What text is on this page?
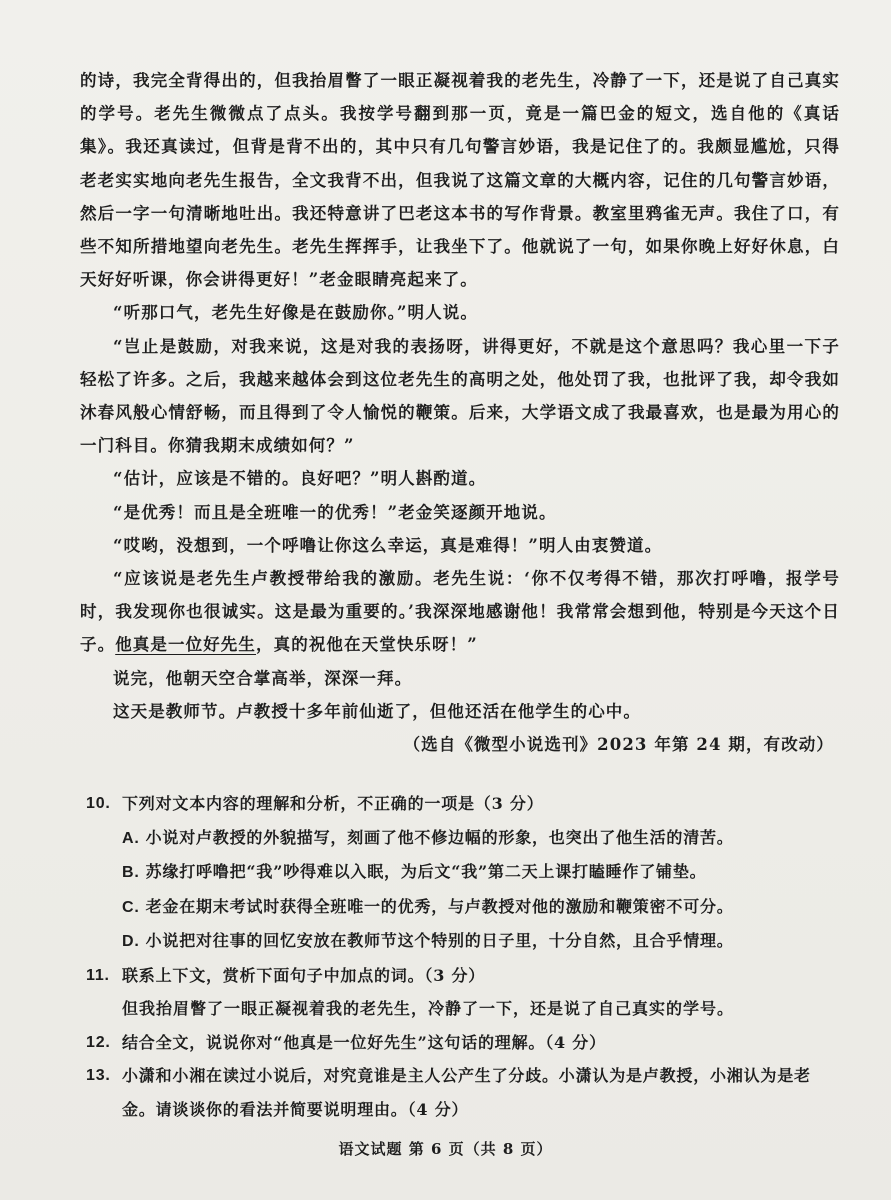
的诗，我完全背得出的，但我抬眉瞥了一眼正凝视着我的老先生，冷静了一下，还是说了自己真实的学号。老先生微微点了点头。我按学号翻到那一页，竟是一篇巴金的短文，选自他的《真话集》。我还真读过，但背是背不出的，其中只有几句警言妙语，我是记住了的。我颇显尴尬，只得老老实实地向老先生报告，全文我背不出，但我说了这篇文章的大概内容，记住的几句警言妙语，然后一字一句清晰地吐出。我还特意讲了巴老这本书的写作背景。教室里鸦雀无声。我住了口，有些不知所措地望向老先生。老先生挥挥手，让我坐下了。他就说了一句，如果你晚上好好休息，白天好好听课，你会讲得更好！”老金眼睛亮起来了。

“听那口气，老先生好像是在鼓励你。”明人说。

“岂止是鼓励，对我来说，这是对我的表扬呀，讲得更好，不就是这个意思吗？我心里一下子轻松了许多。之后，我越来越体会到这位老先生的高明之处，他处罚了我，也批评了我，却令我如沐春风般心情舒畅，而且得到了令人愉悦的鞭策。后来，大学语文成了我最喜欢，也是最为用心的一门科目。你猜我期末成绩如何？”

“估计，应该是不错的。良好吧？”明人斟酌道。

“是优秀！而且是全班唯一的优秀！”老金笑逐颜开地说。

“哎哟，没想到，一个呼噜让你这么幸运，真是难得！”明人由衷赞道。

“应该说是老先生卢教授带给我的激励。老先生说：‘你不仅考得不错，那次打呼噜，报学号时，我发现你也很诚实。这是最为重要的。’我深深地感谢他！我常常会想到他，特别是今天这个日子。他真是一位好先生，真的祝他在天堂快乐呀！”

说完，他朝天空合掌高举，深深一拜。

这天是教师节。卢教授十多年前仙逝了，但他还活在他学生的心中。

（选自《微型小说选刊》2023 年第 24 期，有改动）

10. 下列对文本内容的理解和分析，不正确的一项是（3 分）
A. 小说对卢教授的外貌描写，刻画了他不修边幅的形象，也突出了他生活的清苦。
B. 苏缘打呼噜把“我”吵得难以入眠，为后文“我”第二天上课打瞌睡作了铺垫。
C. 老金在期末考试时获得全班唯一的优秀，与卢教授对他的激励和鞭策密不可分。
D. 小说把对往事的回忆安放在教师节这个特别的日子里，十分自然，且合乎情理。
11. 联系上下文，赏析下面句子中加点的词。（3 分）
但我抬眉瞥了一眼正凝视着我的老先生，冷静了一下，还是说了自己真实的学号。
12. 结合全文，说说你对“他真是一位好先生”这句话的理解。（4 分）
13. 小潇和小湘在读过小说后，对究竟谁是主人公产生了分歧。小潇认为是卢教授，小湘认为是老金。请谈谈你的看法并简要说明理由。（4 分）
语文试题 第 6 页（共 8 页）
